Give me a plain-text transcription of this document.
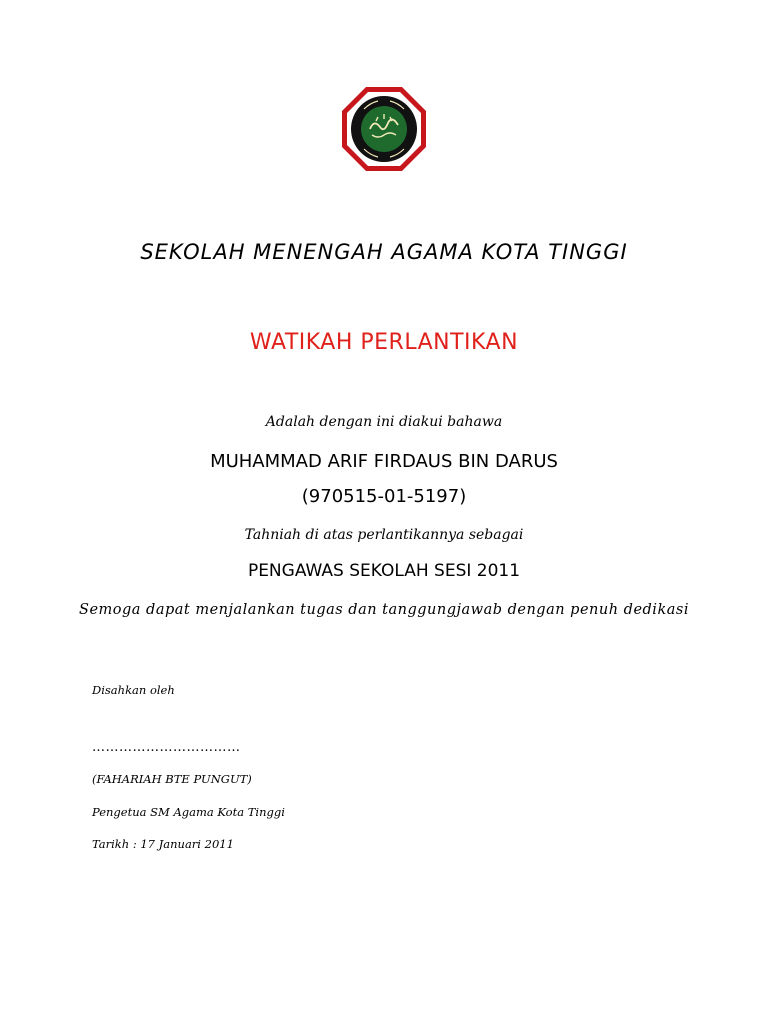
SEKOLAH MENENGAH AGAMA KOTA TINGGI
WATIKAH PERLANTIKAN
Adalah dengan ini diakui bahawa
MUHAMMAD ARIF FIRDAUS BIN DARUS
(970515-01-5197)
Tahniah di atas perlantikannya sebagai
PENGAWAS SEKOLAH SESI 2011
Semoga dapat menjalankan tugas dan tanggungjawab dengan penuh dedikasi
Disahkan oleh
……………………………
(FAHARIAH BTE PUNGUT)
Pengetua SM Agama Kota Tinggi
Tarikh : 17 Januari 2011
